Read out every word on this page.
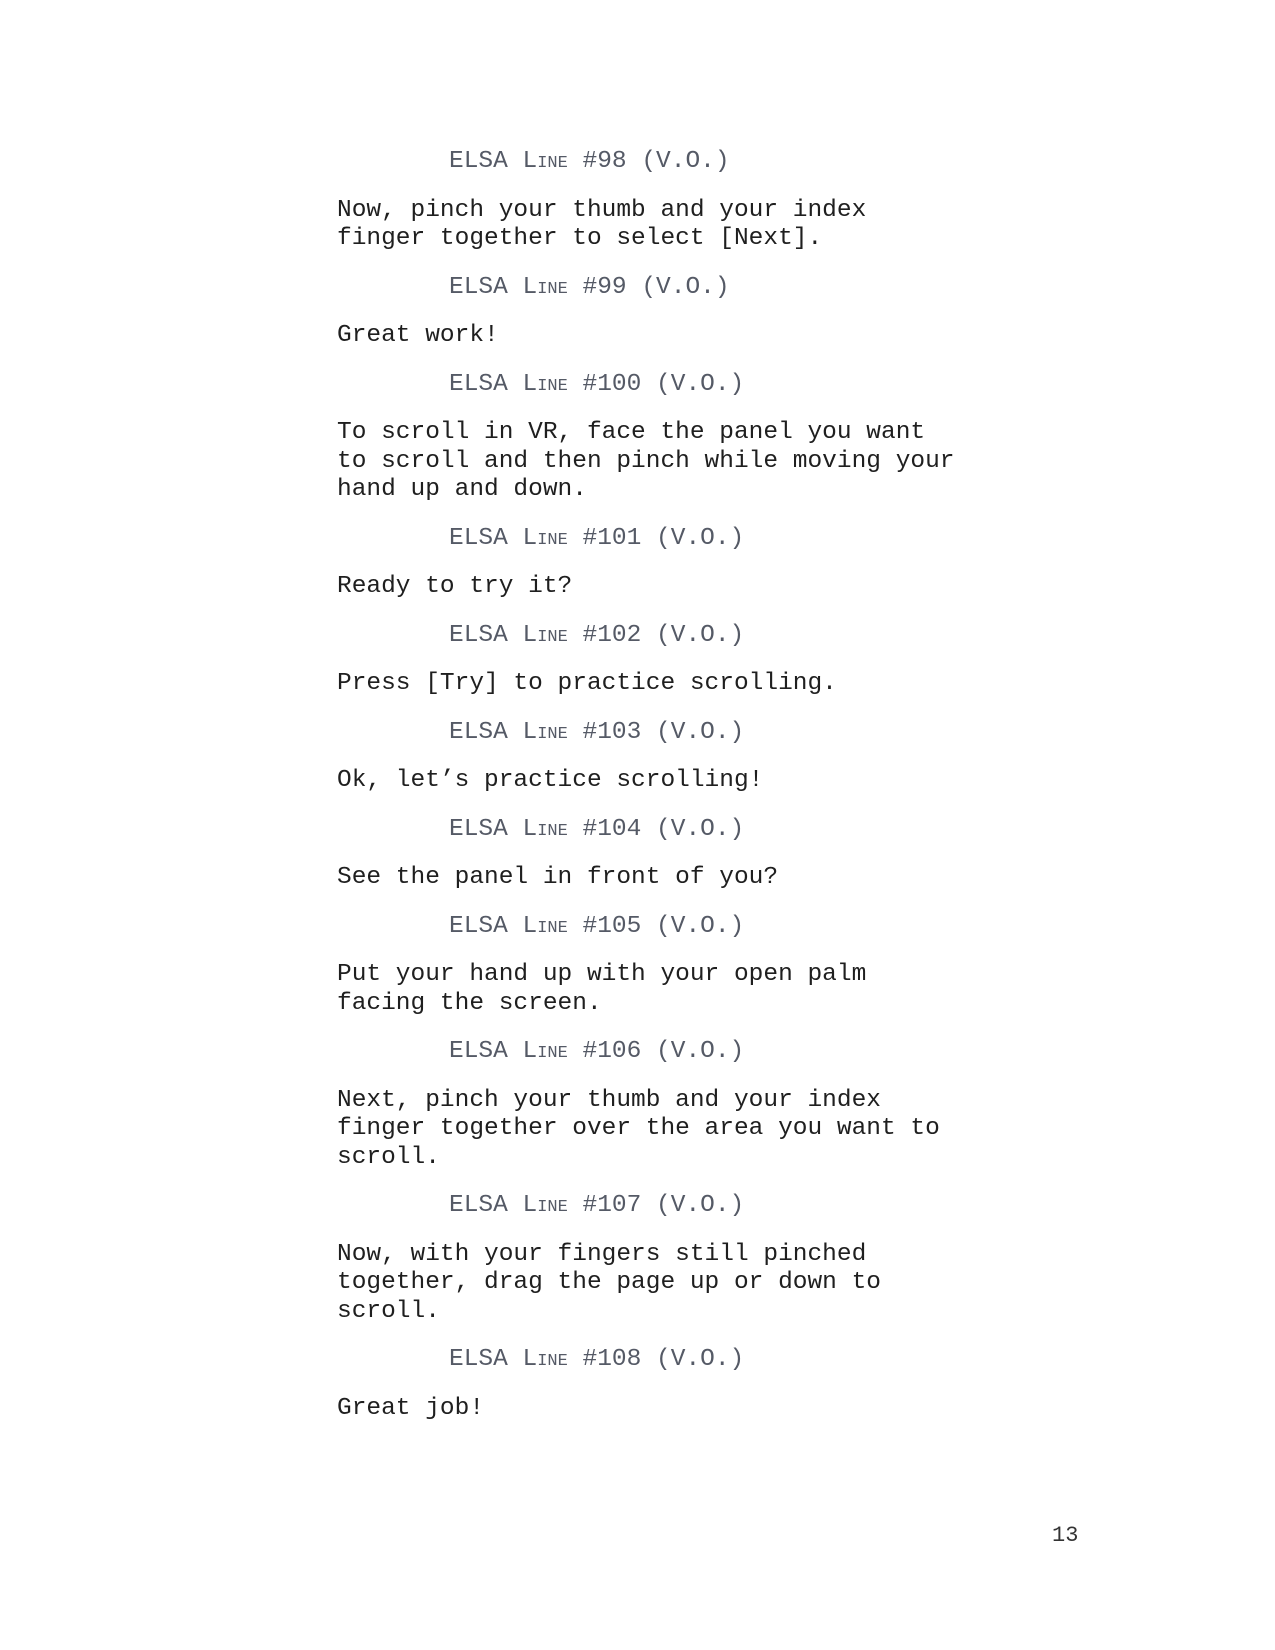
ELSA Line #98 (V.O.)

Now, pinch your thumb and your index
finger together to select [Next].

ELSA Line #99 (V.O.)

Great work!

ELSA Line #100 (V.O.)

To scroll in VR, face the panel you want
to scroll and then pinch while moving your
hand up and down.

ELSA Line #101 (V.O.)

Ready to try it?

ELSA Line #102 (V.O.)

Press [Try] to practice scrolling.

ELSA Line #103 (V.O.)

Ok, let’s practice scrolling!

ELSA Line #104 (V.O.)

See the panel in front of you?

ELSA Line #105 (V.O.)

Put your hand up with your open palm
facing the screen.

ELSA Line #106 (V.O.)

Next, pinch your thumb and your index
finger together over the area you want to
scroll.

ELSA Line #107 (V.O.)

Now, with your fingers still pinched
together, drag the page up or down to
scroll.

ELSA Line #108 (V.O.)

Great job!

13
